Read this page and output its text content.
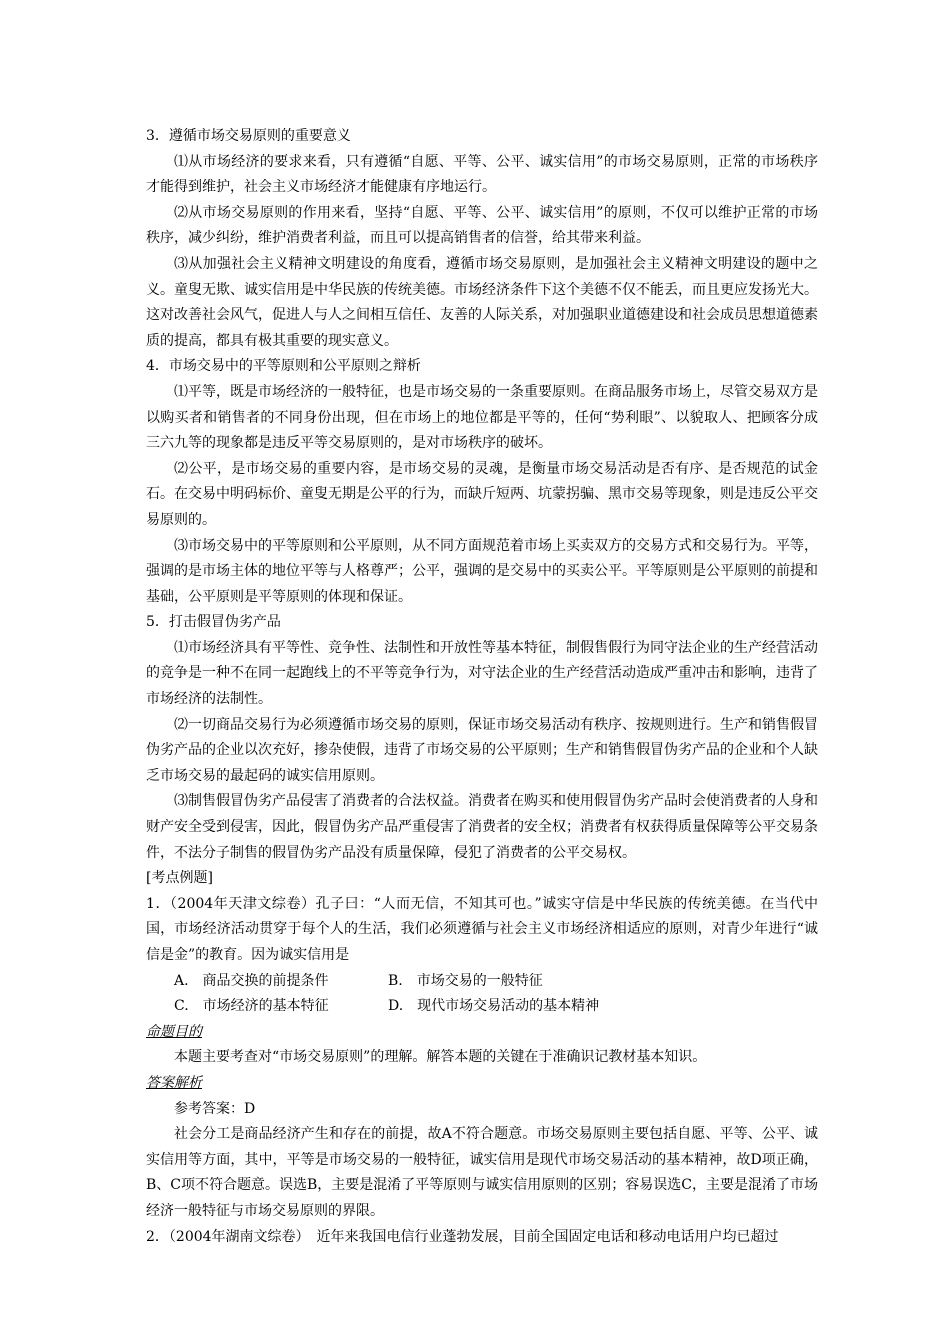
3．遵循市场交易原则的重要意义

⑴从市场经济的要求来看，只有遵循“自愿、平等、公平、诚实信用”的市场交易原则，正常的市场秩序才能得到维护，社会主义市场经济才能健康有序地运行。

⑵从市场交易原则的作用来看，坚持“自愿、平等、公平、诚实信用”的原则，不仅可以维护正常的市场秩序，减少纠纷，维护消费者利益，而且可以提高销售者的信誉，给其带来利益。

⑶从加强社会主义精神文明建设的角度看，遵循市场交易原则，是加强社会主义精神文明建设的题中之义。童叟无欺、诚实信用是中华民族的传统美德。市场经济条件下这个美德不仅不能丢，而且更应发扬光大。这对改善社会风气，促进人与人之间相互信任、友善的人际关系，对加强职业道德建设和社会成员思想道德素质的提高，都具有极其重要的现实意义。

4．市场交易中的平等原则和公平原则之辩析

⑴平等，既是市场经济的一般特征，也是市场交易的一条重要原则。在商品服务市场上，尽管交易双方是以购买者和销售者的不同身份出现，但在市场上的地位都是平等的，任何“势利眼”、以貌取人、把顾客分成三六九等的现象都是违反平等交易原则的，是对市场秩序的破坏。

⑵公平，是市场交易的重要内容，是市场交易的灵魂，是衡量市场交易活动是否有序、是否规范的试金石。在交易中明码标价、童叟无期是公平的行为，而缺斤短两、坑蒙拐骗、黑市交易等现象，则是违反公平交易原则的。

⑶市场交易中的平等原则和公平原则，从不同方面规范着市场上买卖双方的交易方式和交易行为。平等，强调的是市场主体的地位平等与人格尊严；公平，强调的是交易中的买卖公平。平等原则是公平原则的前提和基础，公平原则是平等原则的体现和保证。

5．打击假冒伪劣产品

⑴市场经济具有平等性、竞争性、法制性和开放性等基本特征，制假售假行为同守法企业的生产经营活动的竞争是一种不在同一起跑线上的不平等竞争行为，对守法企业的生产经营活动造成严重冲击和影响，违背了市场经济的法制性。

⑵一切商品交易行为必须遵循市场交易的原则，保证市场交易活动有秩序、按规则进行。生产和销售假冒伪劣产品的企业以次充好，掺杂使假，违背了市场交易的公平原则；生产和销售假冒伪劣产品的企业和个人缺乏市场交易的最起码的诚实信用原则。

⑶制售假冒伪劣产品侵害了消费者的合法权益。消费者在购买和使用假冒伪劣产品时会使消费者的人身和财产安全受到侵害，因此，假冒伪劣产品严重侵害了消费者的安全权；消费者有权获得质量保障等公平交易条件，不法分子制售的假冒伪劣产品没有质量保障，侵犯了消费者的公平交易权。

[考点例题]

1．（2004年天津文综卷）孔子曰：“人而无信，不知其可也。”诚实守信是中华民族的传统美德。在当代中国，市场经济活动贯穿于每个人的生活，我们必须遵循与社会主义市场经济相适应的原则，对青少年进行“诚信是金”的教育。因为诚实信用是

A.　商品交换的前提条件	B.　市场交易的一般特征
C.　市场经济的基本特征	D.　现代市场交易活动的基本精神

命题目的

本题主要考查对“市场交易原则”的理解。解答本题的关键在于准确识记教材基本知识。

答案解析

参考答案：D

社会分工是商品经济产生和存在的前提，故A不符合题意。市场交易原则主要包括自愿、平等、公平、诚实信用等方面，其中，平等是市场交易的一般特征，诚实信用是现代市场交易活动的基本精神，故D项正确，B、C项不符合题意。误选B，主要是混淆了平等原则与诚实信用原则的区别；容易误选C，主要是混淆了市场经济一般特征与市场交易原则的界限。

2．（2004年湖南文综卷）　近年来我国电信行业蓬勃发展，目前全国固定电话和移动电话用户均已超过
